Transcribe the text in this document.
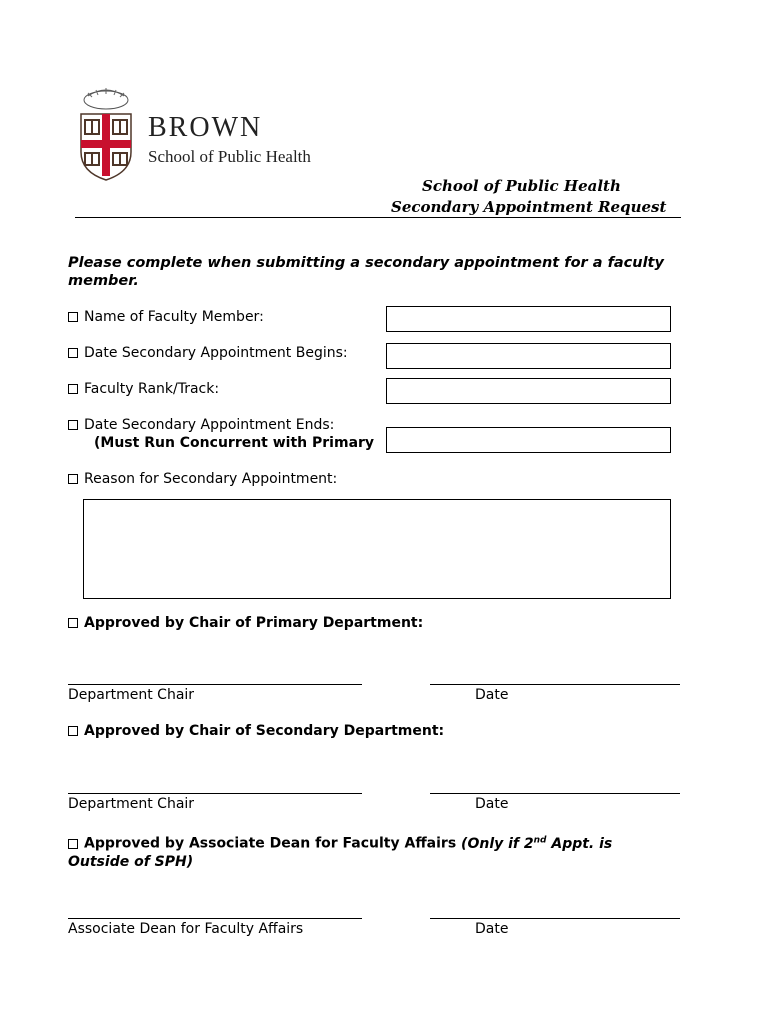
BROWN
School of Public Health
School of Public Health
Secondary Appointment Request
Please complete when submitting a secondary appointment for a faculty member.
Name of Faculty Member:
Date Secondary Appointment Begins:
Faculty Rank/Track:
Date Secondary Appointment Ends:
(Must Run Concurrent with Primary
Reason for Secondary Appointment:
Approved by Chair of Primary Department:
Department Chair	Date
Approved by Chair of Secondary Department:
Department Chair	Date
Approved by Associate Dean for Faculty Affairs (Only if 2nd Appt. is
Outside of SPH)
Associate Dean for Faculty Affairs	Date
